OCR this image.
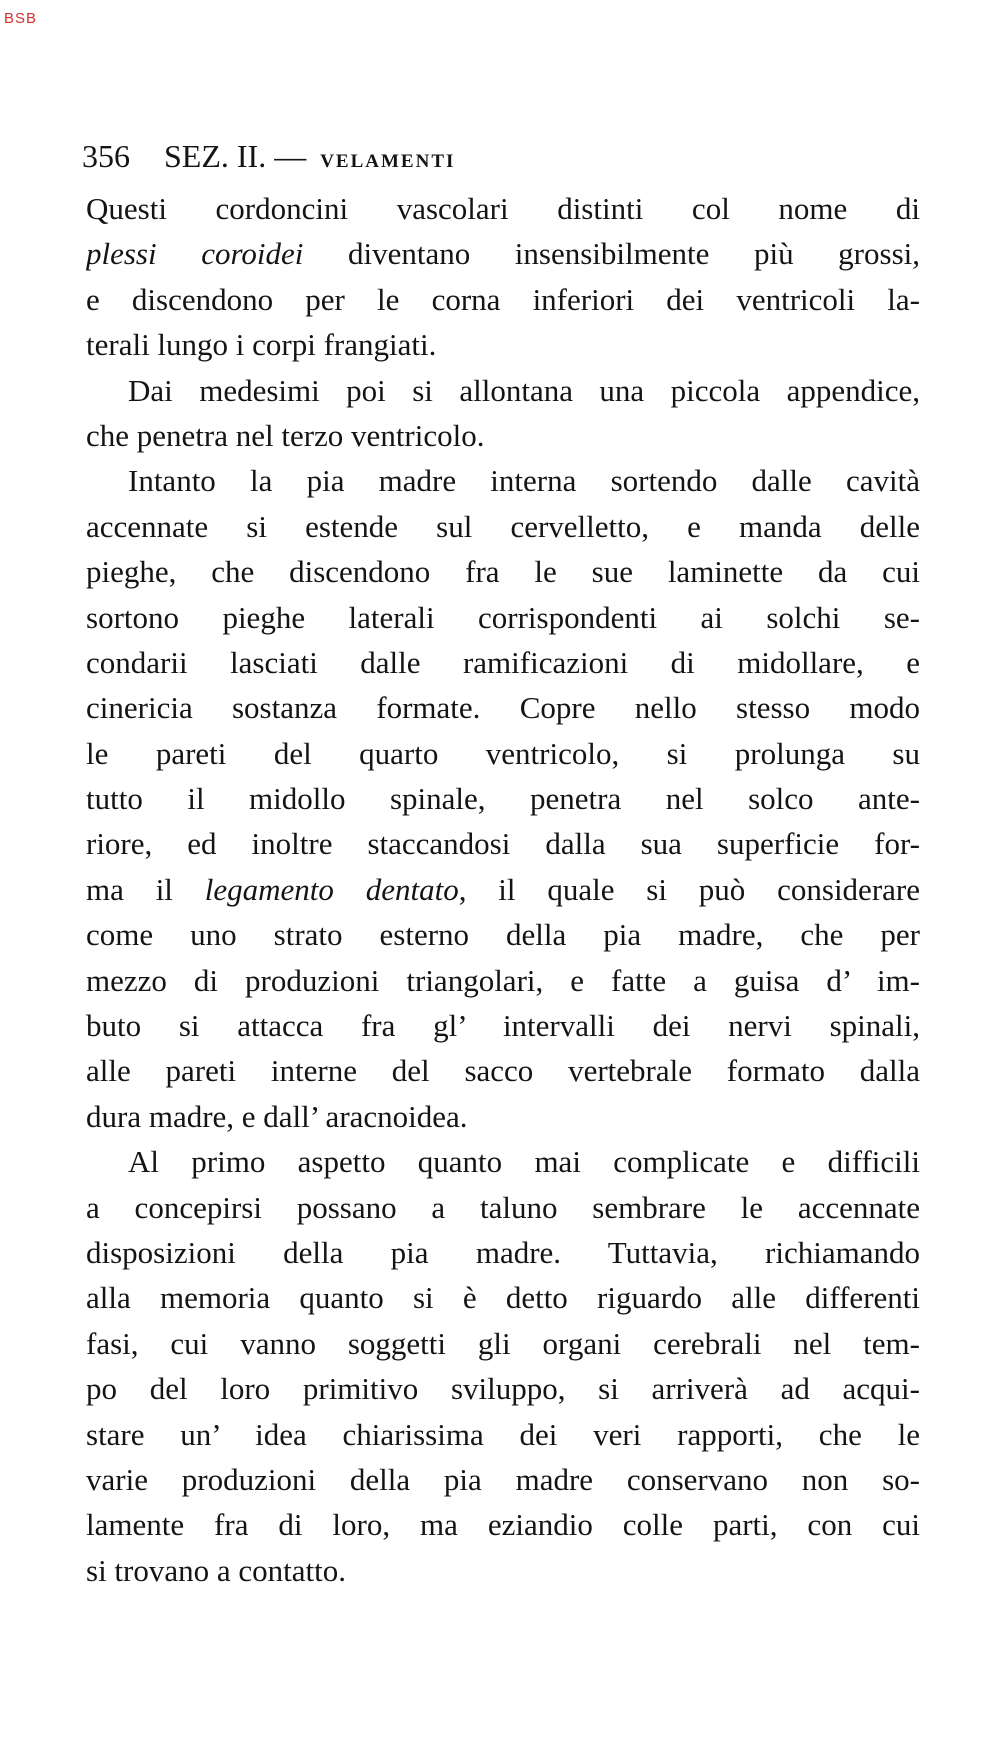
BSB
356 SEZ. II. — VELAMENTI
Questi cordoncini vascolari distinti col nome di
plessi coroidei diventano insensibilmente più grossi,
e discendono per le corna inferiori dei ventricoli la-
terali lungo i corpi frangiati.
Dai medesimi poi si allontana una piccola appendice,
che penetra nel terzo ventricolo.
Intanto la pia madre interna sortendo dalle cavità
accennate si estende sul cervelletto, e manda delle
pieghe, che discendono fra le sue laminette da cui
sortono pieghe laterali corrispondenti ai solchi se-
condarii lasciati dalle ramificazioni di midollare, e
cinericia sostanza formate. Copre nello stesso modo
le pareti del quarto ventricolo, si prolunga su
tutto il midollo spinale, penetra nel solco ante-
riore, ed inoltre staccandosi dalla sua superficie for-
ma il legamento dentato, il quale si può considerare
come uno strato esterno della pia madre, che per
mezzo di produzioni triangolari, e fatte a guisa d’ im-
buto si attacca fra gl’ intervalli dei nervi spinali,
alle pareti interne del sacco vertebrale formato dalla
dura madre, e dall’ aracnoidea.
Al primo aspetto quanto mai complicate e difficili
a concepirsi possano a taluno sembrare le accennate
disposizioni della pia madre. Tuttavia, richiamando
alla memoria quanto si è detto riguardo alle differenti
fasi, cui vanno soggetti gli organi cerebrali nel tem-
po del loro primitivo sviluppo, si arriverà ad acqui-
stare un’ idea chiarissima dei veri rapporti, che le
varie produzioni della pia madre conservano non so-
lamente fra di loro, ma eziandio colle parti, con cui
si trovano a contatto.
